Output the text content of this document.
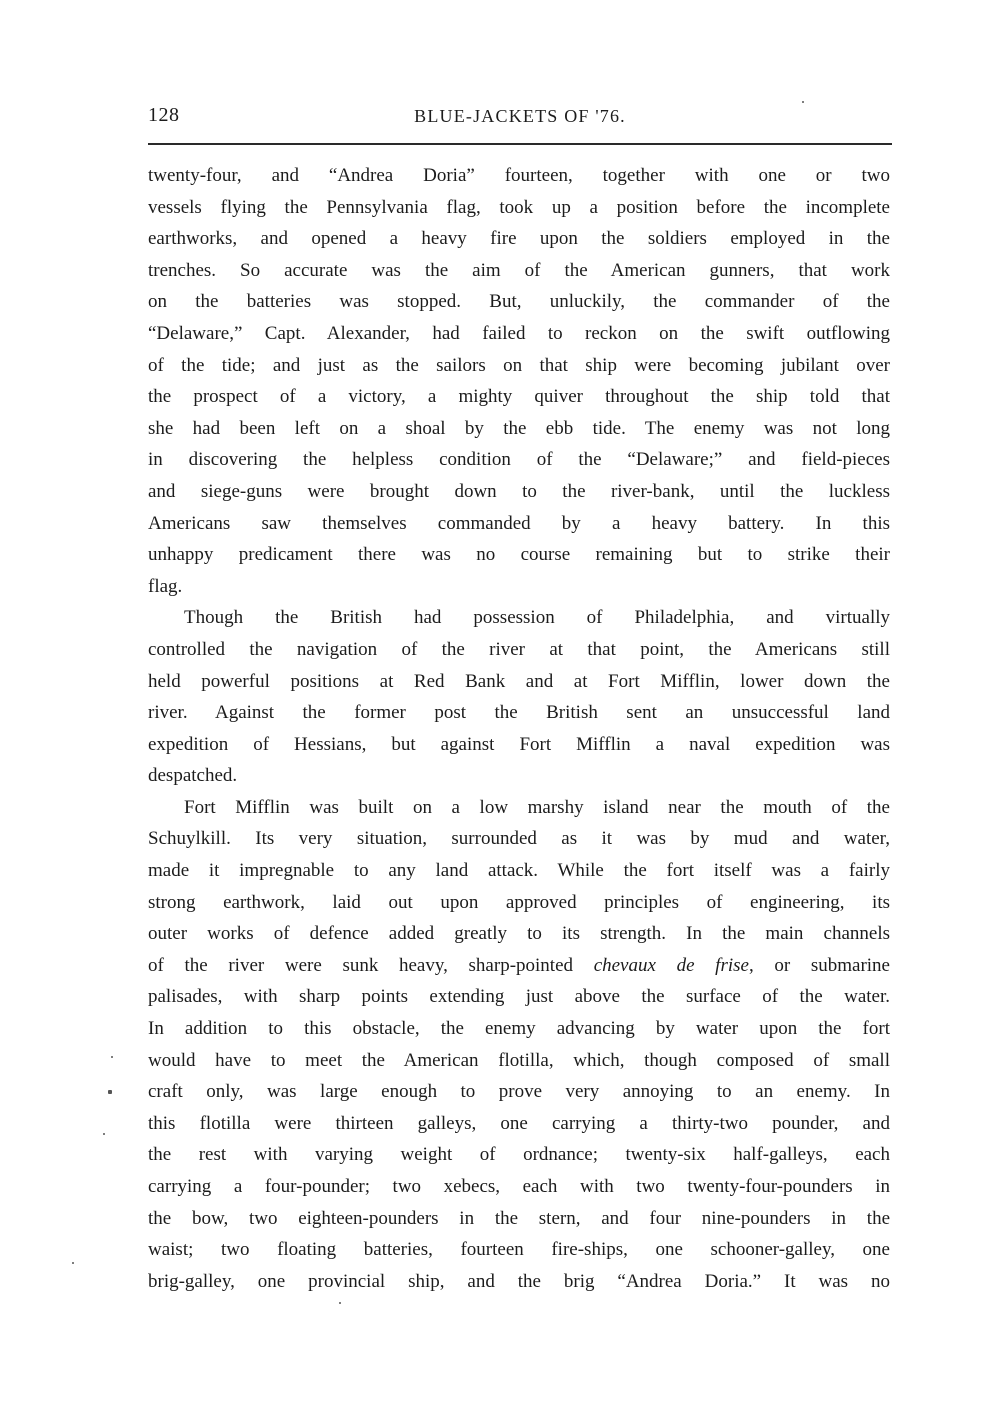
128	BLUE-JACKETS OF '76.
twenty-four, and “Andrea Doria” fourteen, together with one or two
vessels flying the Pennsylvania flag, took up a position before the incomplete
earthworks, and opened a heavy fire upon the soldiers employed in the
trenches. So accurate was the aim of the American gunners, that work
on the batteries was stopped. But, unluckily, the commander of the
“Delaware,” Capt. Alexander, had failed to reckon on the swift outflowing
of the tide; and just as the sailors on that ship were becoming jubilant over
the prospect of a victory, a mighty quiver throughout the ship told that
she had been left on a shoal by the ebb tide. The enemy was not long
in discovering the helpless condition of the “Delaware;” and field-pieces
and siege-guns were brought down to the river-bank, until the luckless
Americans saw themselves commanded by a heavy battery. In this
unhappy predicament there was no course remaining but to strike their
flag.
Though the British had possession of Philadelphia, and virtually
controlled the navigation of the river at that point, the Americans still
held powerful positions at Red Bank and at Fort Mifflin, lower down the
river. Against the former post the British sent an unsuccessful land
expedition of Hessians, but against Fort Mifflin a naval expedition was
despatched.
Fort Mifflin was built on a low marshy island near the mouth of the
Schuylkill. Its very situation, surrounded as it was by mud and water,
made it impregnable to any land attack. While the fort itself was a fairly
strong earthwork, laid out upon approved principles of engineering, its
outer works of defence added greatly to its strength. In the main channels
of the river were sunk heavy, sharp-pointed chevaux de frise, or submarine
palisades, with sharp points extending just above the surface of the water.
In addition to this obstacle, the enemy advancing by water upon the fort
would have to meet the American flotilla, which, though composed of small
craft only, was large enough to prove very annoying to an enemy. In
this flotilla were thirteen galleys, one carrying a thirty-two pounder, and
the rest with varying weight of ordnance; twenty-six half-galleys, each
carrying a four-pounder; two xebecs, each with two twenty-four-pounders in
the bow, two eighteen-pounders in the stern, and four nine-pounders in the
waist; two floating batteries, fourteen fire-ships, one schooner-galley, one
brig-galley, one provincial ship, and the brig “Andrea Doria.” It was no
